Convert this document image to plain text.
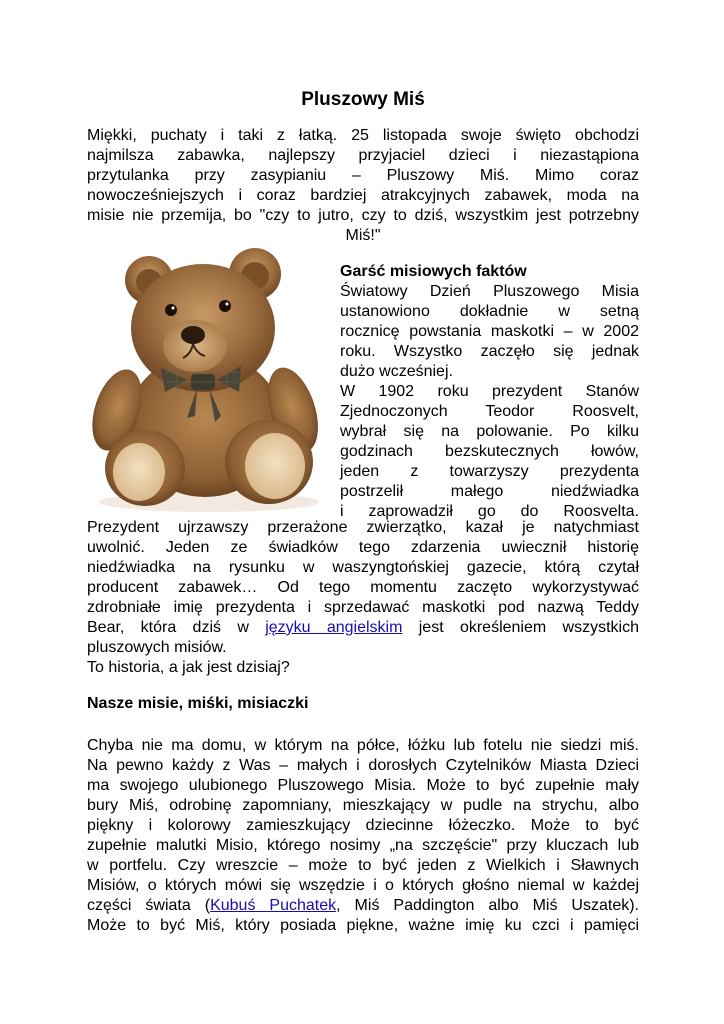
Pluszowy Miś
Miękki, puchaty i taki z łatką. 25 listopada swoje święto obchodzi
najmilsza zabawka, najlepszy przyjaciel dzieci i niezastąpiona
przytulanka przy zasypianiu – Pluszowy Miś. Mimo coraz
nowocześniejszych i coraz bardziej atrakcyjnych zabawek, moda na
misie nie przemija, bo "czy to jutro, czy to dziś, wszystkim jest potrzebny
Miś!"

Garść misiowych faktów

Światowy Dzień Pluszowego Misia
ustanowiono dokładnie w setną
rocznicę powstania maskotki – w 2002
roku. Wszystko zaczęło się jednak
dużo wcześniej.
W 1902 roku prezydent Stanów
Zjednoczonych Teodor Roosvelt,
wybrał się na polowanie. Po kilku
godzinach bezskutecznych łowów,
jeden z towarzyszy prezydenta
postrzelił małego niedźwiadka
i zaprowadził go do Roosvelta.
Prezydent ujrzawszy przerażone zwierzątko, kazał je natychmiast
uwolnić. Jeden ze świadków tego zdarzenia uwiecznił historię
niedźwiadka na rysunku w waszyngtońskiej gazecie, którą czytał
producent zabawek… Od tego momentu zaczęto wykorzystywać
zdrobniałe imię prezydenta i sprzedawać maskotki pod nazwą Teddy
Bear, która dziś w języku angielskim jest określeniem wszystkich
pluszowych misiów.
To historia, a jak jest dzisiaj?
Nasze misie, miśki, misiaczki
Chyba nie ma domu, w którym na półce, łóżku lub fotelu nie siedzi miś.
Na pewno każdy z Was – małych i dorosłych Czytelników Miasta Dzieci
ma swojego ulubionego Pluszowego Misia. Może to być zupełnie mały
bury Miś, odrobinę zapomniany, mieszkający w pudle na strychu, albo
piękny i kolorowy zamieszkujący dziecinne łóżeczko. Może to być
zupełnie malutki Misio, którego nosimy „na szczęście" przy kluczach lub
w portfelu. Czy wreszcie – może to być jeden z Wielkich i Sławnych
Misiów, o których mówi się wszędzie i o których głośno niemal w każdej
części świata (Kubuś Puchatek, Miś Paddington albo Miś Uszatek).
Może to być Miś, który posiada piękne, ważne imię ku czci i pamięci
